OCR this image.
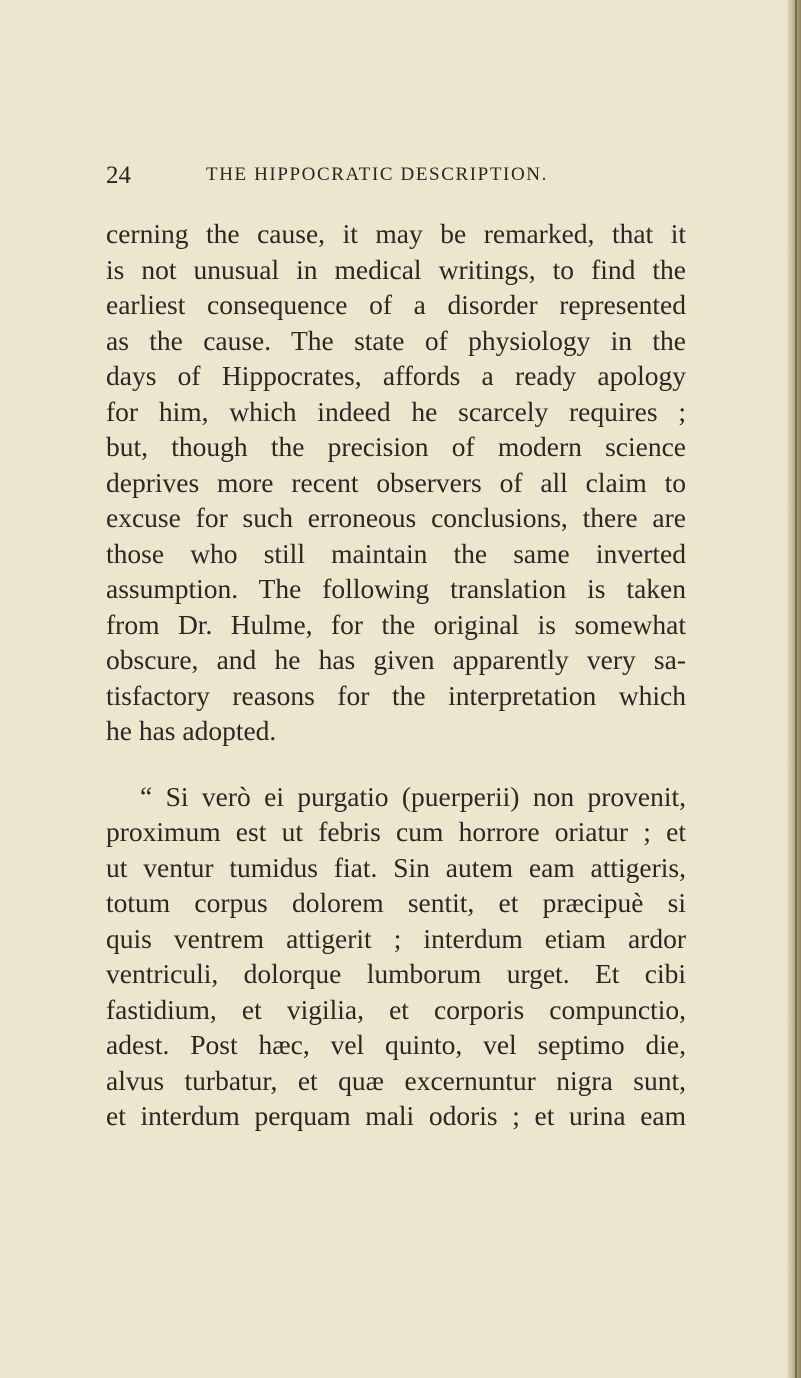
24	THE HIPPOCRATIC DESCRIPTION.

cerning the cause, it may be remarked, that it
is not unusual in medical writings, to find the
earliest consequence of a disorder represented
as the cause. The state of physiology in the
days of Hippocrates, affords a ready apology
for him, which indeed he scarcely requires ;
but, though the precision of modern science
deprives more recent observers of all claim to
excuse for such erroneous conclusions, there are
those who still maintain the same inverted
assumption. The following translation is taken
from Dr. Hulme, for the original is somewhat
obscure, and he has given apparently very sa-
tisfactory reasons for the interpretation which
he has adopted.

“ Si verò ei purgatio (puerperii) non provenit,
proximum est ut febris cum horrore oriatur ; et
ut ventur tumidus fiat. Sin autem eam attigeris,
totum corpus dolorem sentit, et præcipuè si
quis ventrem attigerit ; interdum etiam ardor
ventriculi, dolorque lumborum urget. Et cibi
fastidium, et vigilia, et corporis compunctio,
adest. Post hæc, vel quinto, vel septimo die,
alvus turbatur, et quæ excernuntur nigra sunt,
et interdum perquam mali odoris ; et urina eam
